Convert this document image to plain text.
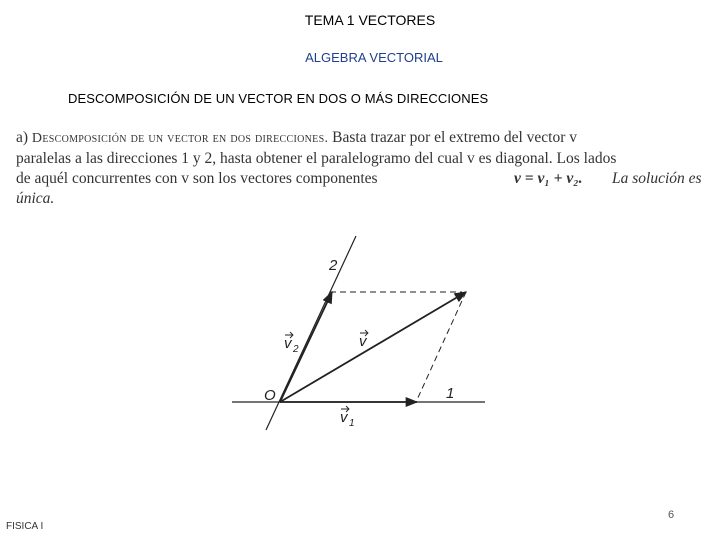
TEMA 1 VECTORES
ALGEBRA VECTORIAL
DESCOMPOSICIÓN DE UN VECTOR EN DOS O MÁS DIRECCIONES
a) Descomposición de un vector en dos direcciones. Basta trazar por el extremo del vector v
paralelas a las direcciones 1 y 2, hasta obtener el paralelogramo del cual v es diagonal. Los lados
de aquél concurrentes con v son los vectores componentes	v = v₁ + v₂. La solución es
única.
O	1
2
v
v 1
v 2
FISICA I
6
